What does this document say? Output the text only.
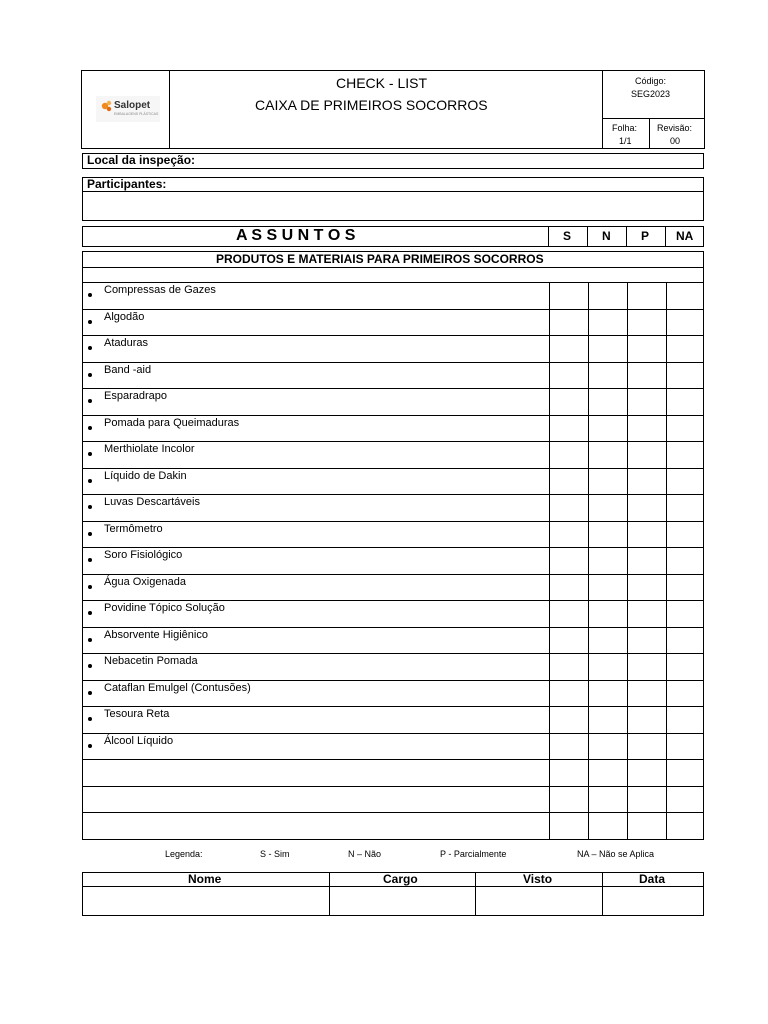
Salopet
EMBALAGENS PLÁSTICAS
CHECK - LIST
CAIXA DE PRIMEIROS SOCORROS
Código:
SEG2023
Folha:
1/1
Revisão:
00
Local da inspeção:
Participantes:
A S S U N T O S	S	N	P NA
PRODUTOS E MATERIAIS PARA PRIMEIROS SOCORROS
Compressas de Gazes
Algodão
Ataduras
Band -aid
Esparadrapo
Pomada para Queimaduras
Merthiolate Incolor
Líquido de Dakin
Luvas Descartáveis
Termômetro
Soro Fisiológico
Água Oxigenada
Povidine Tópico Solução
Absorvente Higiênico
Nebacetin Pomada
Cataflan Emulgel (Contusões)
Tesoura Reta
Álcool Líquido
Legenda:	S - Sim	N – Não	P - Parcialmente	NA – Não se Aplica
Nome	Cargo	Visto	Data
